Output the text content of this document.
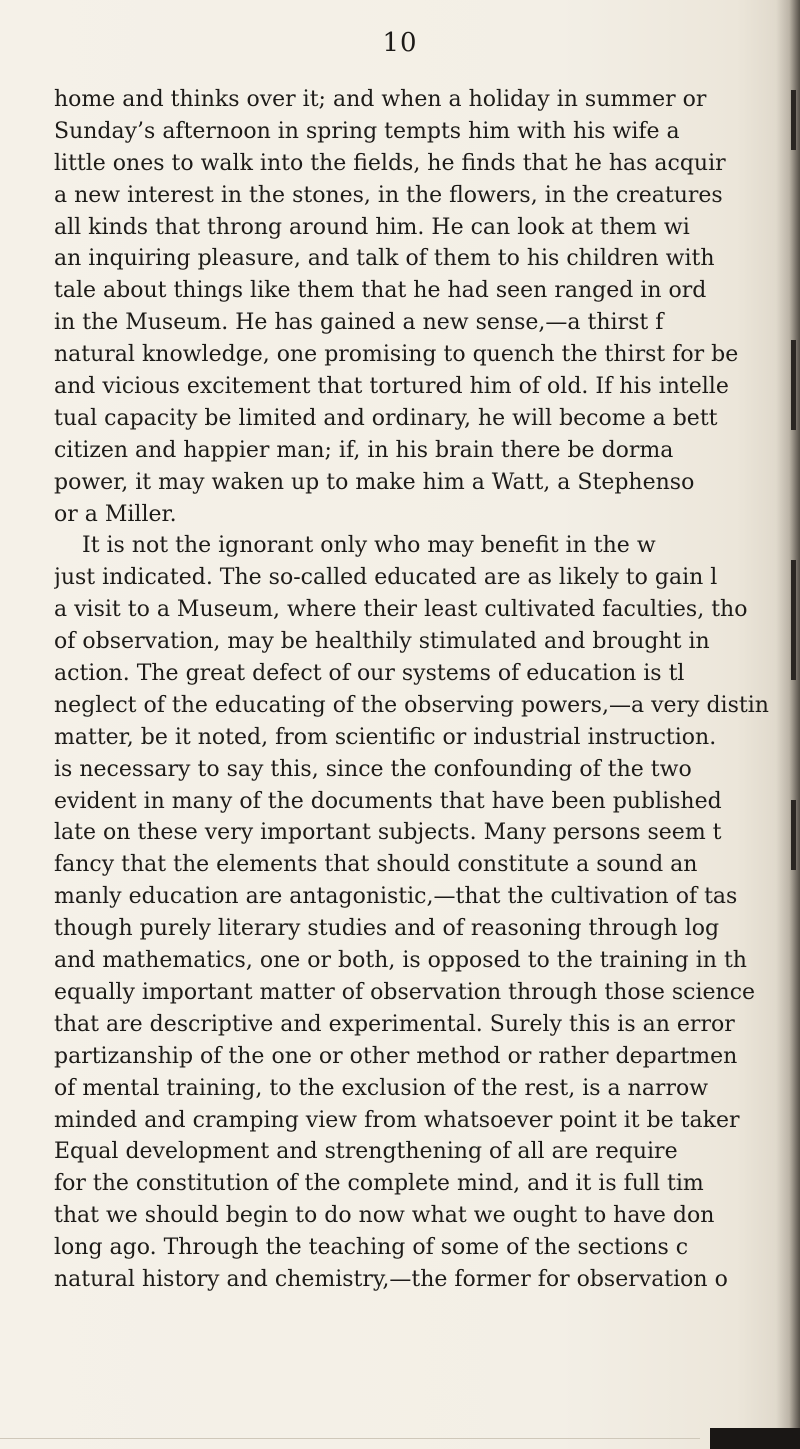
10
home and thinks over it; and when a holiday in summer or
Sunday’s afternoon in spring tempts him with his wife a
little ones to walk into the fields, he finds that he has acquir
a new interest in the stones, in the flowers, in the creatures
all kinds that throng around him. He can look at them wi
an inquiring pleasure, and talk of them to his children with
tale about things like them that he had seen ranged in ord
in the Museum. He has gained a new sense,—a thirst f
natural knowledge, one promising to quench the thirst for be
and vicious excitement that tortured him of old. If his intelle
tual capacity be limited and ordinary, he will become a bett
citizen and happier man; if, in his brain there be dorma
power, it may waken up to make him a Watt, a Stephenso
or a Miller.
It is not the ignorant only who may benefit in the w
just indicated. The so-called educated are as likely to gain l
a visit to a Museum, where their least cultivated faculties, tho
of observation, may be healthily stimulated and brought in
action. The great defect of our systems of education is tl
neglect of the educating of the observing powers,—a very distin
matter, be it noted, from scientific or industrial instruction.
is necessary to say this, since the confounding of the two
evident in many of the documents that have been published
late on these very important subjects. Many persons seem t
fancy that the elements that should constitute a sound an
manly education are antagonistic,—that the cultivation of tas
though purely literary studies and of reasoning through log
and mathematics, one or both, is opposed to the training in th
equally important matter of observation through those science
that are descriptive and experimental. Surely this is an error
partizanship of the one or other method or rather departmen
of mental training, to the exclusion of the rest, is a narrow
minded and cramping view from whatsoever point it be taker
Equal development and strengthening of all are require
for the constitution of the complete mind, and it is full tim
that we should begin to do now what we ought to have don
long ago. Through the teaching of some of the sections c
natural history and chemistry,—the former for observation o
